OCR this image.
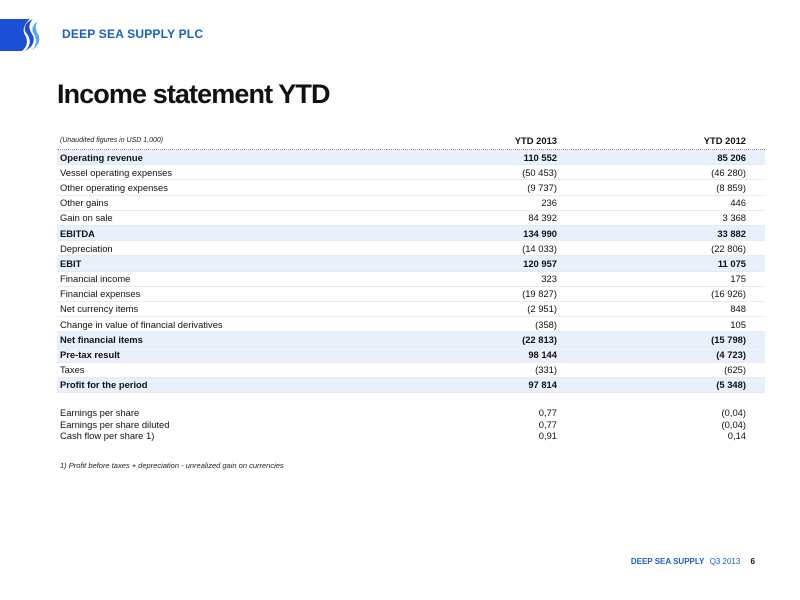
DEEP SEA SUPPLY PLC
Income statement YTD
(Unaudited figures in USD 1,000)	YTD 2013	YTD 2012
Operating revenue	110 552	85 206
Vessel operating expenses	(50 453)	(46 280)
Other operating expenses	(9 737)	(8 859)
Other gains	236	446
Gain on sale	84 392	3 368
EBITDA	134 990	33 882
Depreciation	(14 033)	(22 806)
EBIT	120 957	11 075
Financial income	323	175
Financial expenses	(19 827)	(16 926)
Net currency items	(2 951)	848
Change in value of financial derivatives	(358)	105
Net financial items	(22 813)	(15 798)
Pre-tax result	98 144	(4 723)
Taxes	(331)	(625)
Profit for the period	97 814	(5 348)
Earnings per share	0,77	(0,04)
Earnings per share diluted	0,77	(0,04)
Cash flow per share 1)	0,91	0,14
1) Profit before taxes + depreciation - unrealized gain on currencies
DEEP SEA SUPPLY Q3 2013 6
